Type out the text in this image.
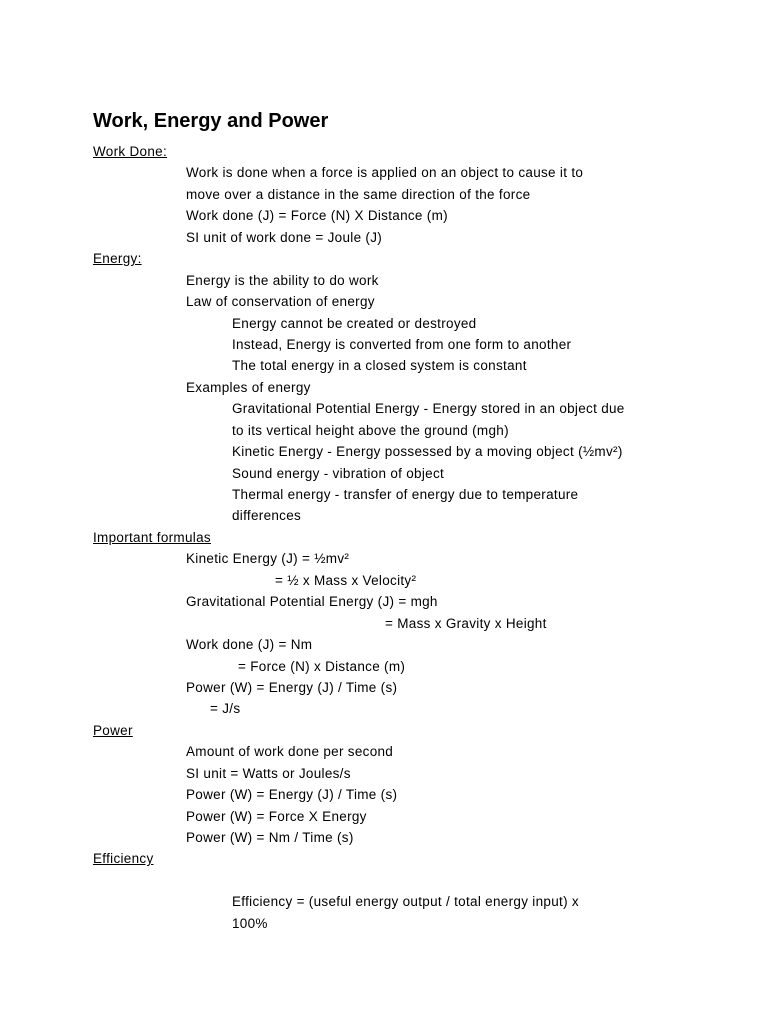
Work, Energy and Power
Work Done:
Work is done when a force is applied on an object to cause it to
move over a distance in the same direction of the force
Work done (J) = Force (N) X Distance (m)
SI unit of work done = Joule (J)
Energy:
Energy is the ability to do work
Law of conservation of energy
Energy cannot be created or destroyed
Instead, Energy is converted from one form to another
The total energy in a closed system is constant
Examples of energy
Gravitational Potential Energy - Energy stored in an object due
to its vertical height above the ground (mgh)
Kinetic Energy - Energy possessed by a moving object (½mv²)
Sound energy - vibration of object
Thermal energy - transfer of energy due to temperature
differences
Important formulas
Kinetic Energy (J) = ½mv²
= ½ x Mass x Velocity²
Gravitational Potential Energy (J) = mgh
= Mass x Gravity x Height
Work done (J) = Nm
= Force (N) x Distance (m)
Power (W) = Energy (J) / Time (s)
= J/s
Power
Amount of work done per second
SI unit = Watts or Joules/s
Power (W) = Energy (J) / Time (s)
Power (W) = Force X Energy
Power (W) = Nm / Time (s)
Efficiency
Efficiency = (useful energy output / total energy input) x
100%
